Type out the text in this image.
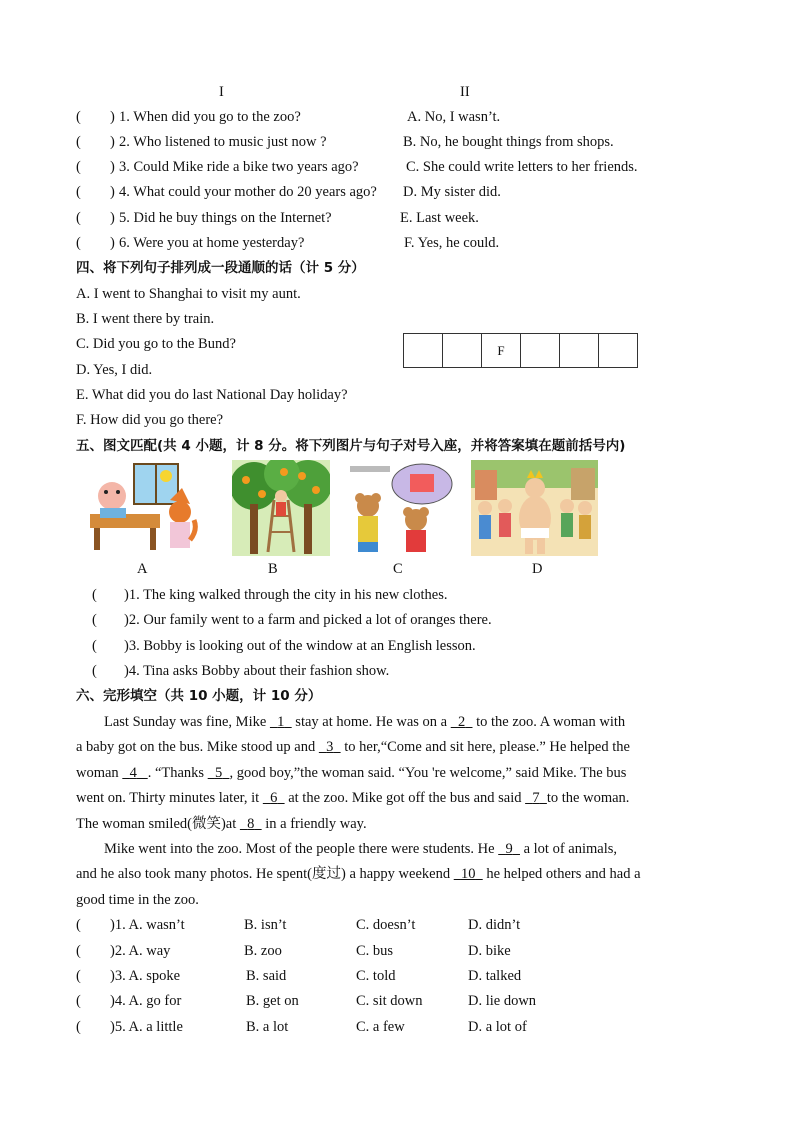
I	II
( ) 1. When did you go to the zoo?	A. No, I wasn’t.
( ) 2. Who listened to music just now ?	B. No, he bought things from shops.
( ) 3. Could Mike ride a bike two years ago?	C. She could write letters to her friends.
( ) 4. What could your mother do 20 years ago? D. My sister did.
( ) 5. Did he buy things on the Internet?	E. Last week.
( ) 6. Were you at home yesterday?	F. Yes, he could.
四、将下列句子排列成一段通顺的话（计 5 分）
A. I went to Shanghai to visit my aunt.
B. I went there by train.
C. Did you go to the Bund?
D. Yes, I did.
E. What did you do last National Day holiday?
F. How did you go there?
F
五、图文匹配(共 4 小题，计 8 分。将下列图片与句子对号入座，并将答案填在题前括号内)
A	B	C	D
( )1. The king walked through the city in his new clothes.
( )2. Our family went to a farm and picked a lot of oranges there.
( )3. Bobby is looking out of the window at an English lesson.
( )4. Tina asks Bobby about their fashion show.
六、完形填空（共 10 小题，计 10 分）
Last Sunday was fine, Mike   1   stay at home. He was on a   2   to the zoo. A woman with
a baby got on the bus. Mike stood up and   3   to her,“Come and sit here, please.” He helped the
woman   4 . “Thanks   5 , good boy,”the woman said. “You 're welcome,” said Mike. The bus
went on. Thirty minutes later, it   6   at the zoo. Mike got off the bus and said   7 to the woman.
The woman smiled(微笑)at   8   in a friendly way.
Mike went into the zoo. Most of the people there were students. He   9   a lot of animals,
and he also took many photos. He spent(度过) a happy weekend   10   he helped others and had a
good time in the zoo.
( )1. A. wasn’t	B. isn’t	C. doesn’t	D. didn’t
( )2. A. way	B. zoo	C. bus	D. bike
( )3. A. spoke	B. said	C. told	D. talked
( )4. A. go for	B. get on	C. sit down	D. lie down
( )5. A. a little	B. a lot	C. a few	D. a lot of
